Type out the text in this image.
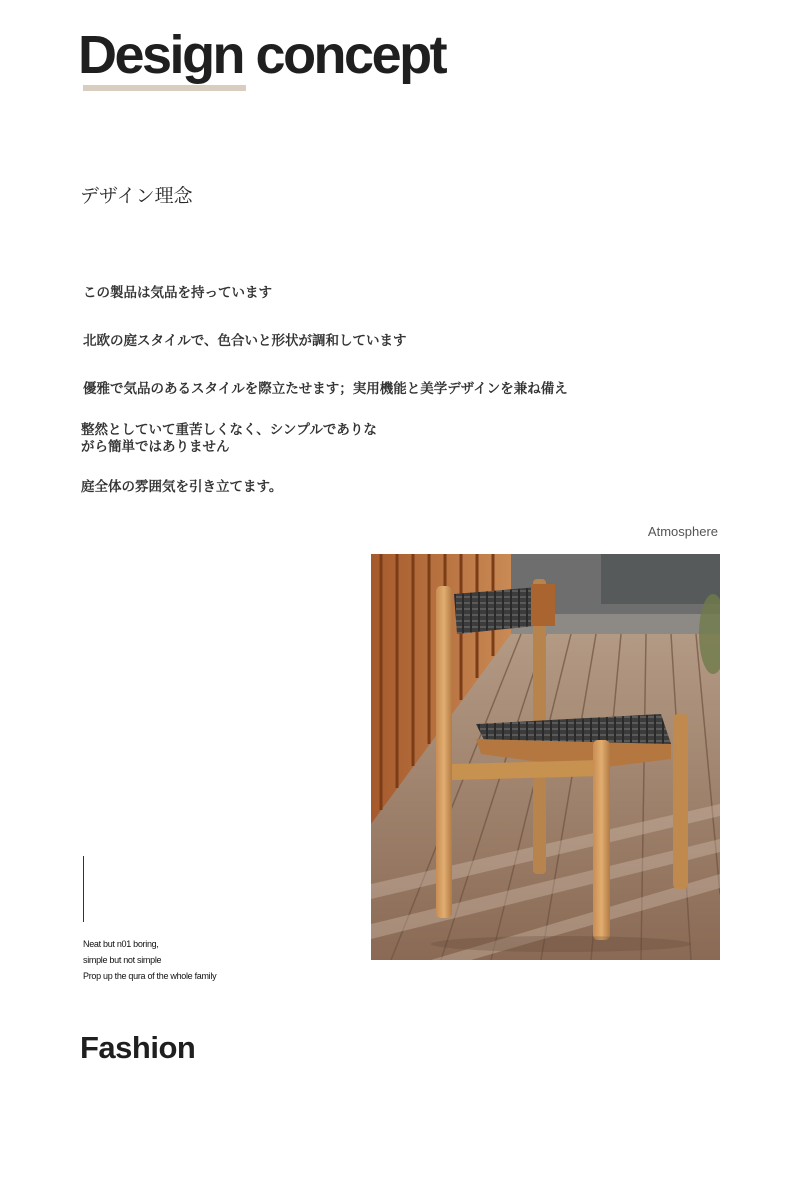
Design concept
デザイン理念

この製品は気品を持っています

北欧の庭スタイルで、色合いと形状が調和しています

優雅で気品のあるスタイルを際立たせます；実用機能と美学デザインを兼ね備え

整然としていて重苦しくなく、シンプルでありな
がら簡単ではありません

庭全体の雰囲気を引き立てます。

Atmosphere

Neat but n01 boring,

simple but not simple

Prop up the qura of the whole family

Fashion
